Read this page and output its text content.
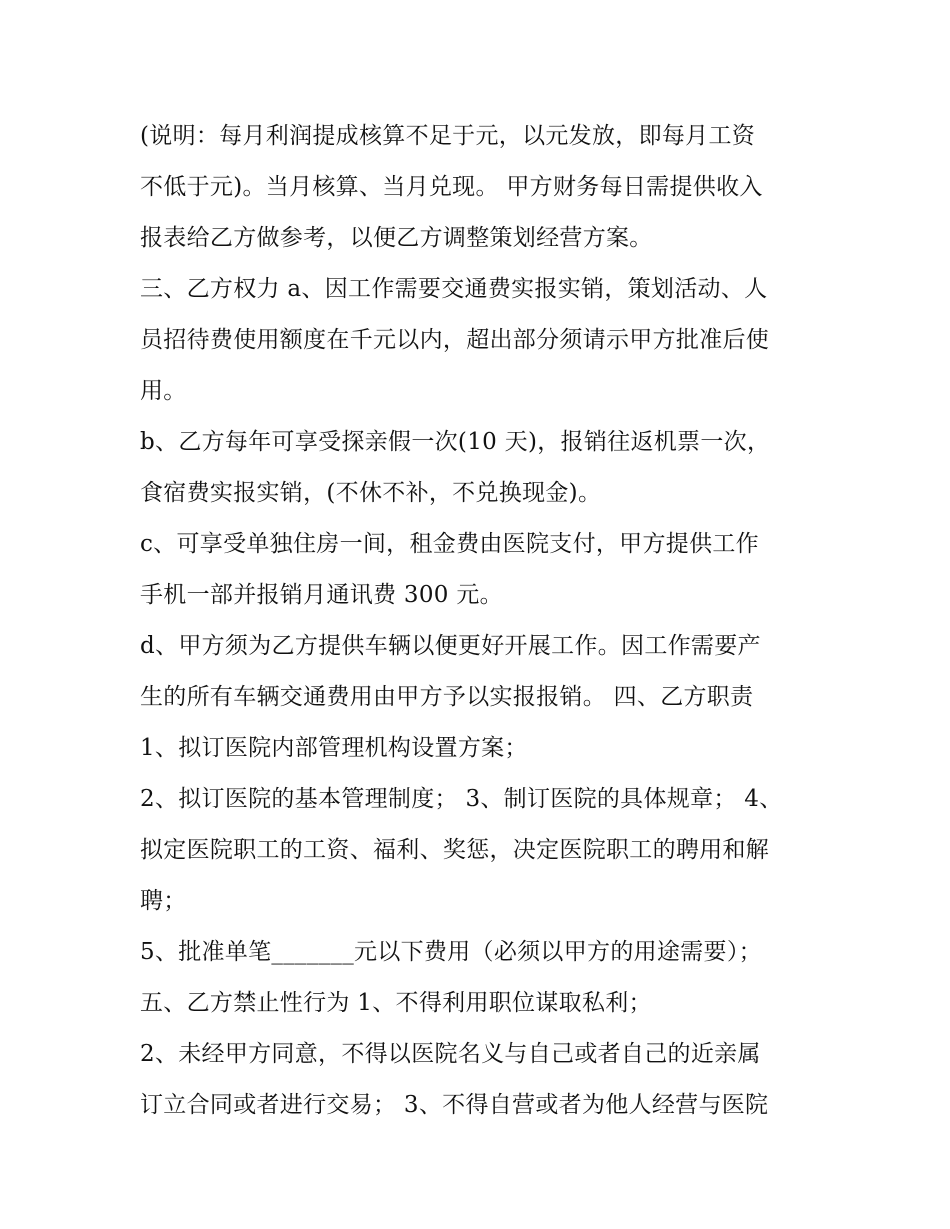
(说明：每月利润提成核算不足于元，以元发放，即每月工资
不低于元)。当月核算、当月兑现。 甲方财务每日需提供收入
报表给乙方做参考，以便乙方调整策划经营方案。
三、乙方权力 a、因工作需要交通费实报实销，策划活动、人
员招待费使用额度在千元以内，超出部分须请示甲方批准后使
用。
b、乙方每年可享受探亲假一次(10 天)，报销往返机票一次，
食宿费实报实销，(不休不补，不兑换现金)。
c、可享受单独住房一间，租金费由医院支付，甲方提供工作
手机一部并报销月通讯费 300 元。
d、甲方须为乙方提供车辆以便更好开展工作。因工作需要产
生的所有车辆交通费用由甲方予以实报报销。 四、乙方职责
1、拟订医院内部管理机构设置方案；
2、拟订医院的基本管理制度； 3、制订医院的具体规章； 4、
拟定医院职工的工资、福利、奖惩，决定医院职工的聘用和解
聘；
5、批准单笔_______元以下费用（必须以甲方的用途需要）；
五、乙方禁止性行为 1、不得利用职位谋取私利；
2、未经甲方同意，不得以医院名义与自己或者自己的近亲属
订立合同或者进行交易； 3、不得自营或者为他人经营与医院
